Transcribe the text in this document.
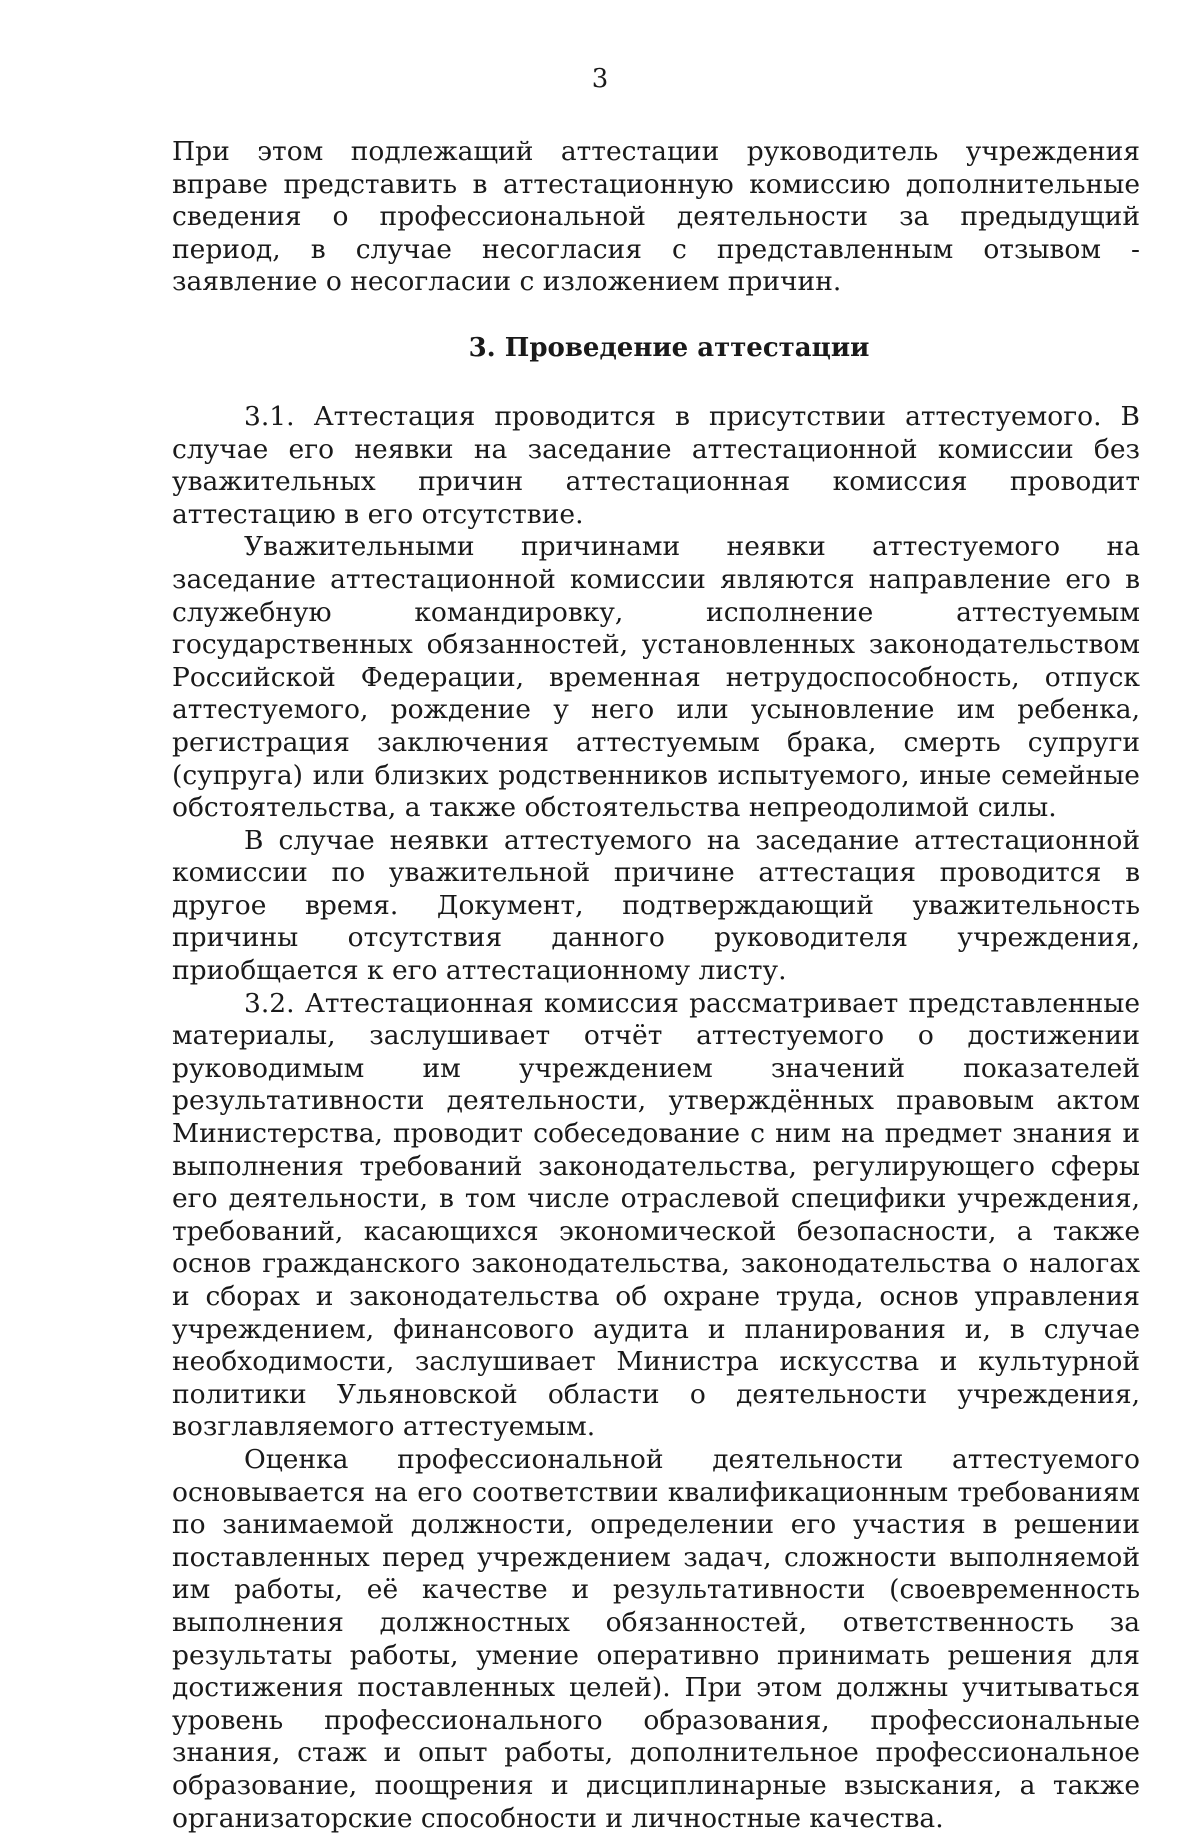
3

При этом подлежащий аттестации руководитель учреждения вправе представить в аттестационную комиссию дополнительные сведения о профессиональной деятельности за предыдущий период, в случае несогласия с представленным отзывом - заявление о несогласии с изложением причин.

3. Проведение аттестации

3.1. Аттестация проводится в присутствии аттестуемого. В случае его неявки на заседание аттестационной комиссии без уважительных причин аттестационная комиссия проводит аттестацию в его отсутствие.

Уважительными причинами неявки аттестуемого на заседание аттестационной комиссии являются направление его в служебную командировку, исполнение аттестуемым государственных обязанностей, установленных законодательством Российской Федерации, временная нетрудоспособность, отпуск аттестуемого, рождение у него или усыновление им ребенка, регистрация заключения аттестуемым брака, смерть супруги (супруга) или близких родственников испытуемого, иные семейные обстоятельства, а также обстоятельства непреодолимой силы.

В случае неявки аттестуемого на заседание аттестационной комиссии по уважительной причине аттестация проводится в другое время. Документ, подтверждающий уважительность причины отсутствия данного руководителя учреждения, приобщается к его аттестационному листу.

3.2. Аттестационная комиссия рассматривает представленные материалы, заслушивает отчёт аттестуемого о достижении руководимым им учреждением значений показателей результативности деятельности, утверждённых правовым актом Министерства, проводит собеседование с ним на предмет знания и выполнения требований законодательства, регулирующего сферы его деятельности, в том числе отраслевой специфики учреждения, требований, касающихся экономической безопасности, а также основ гражданского законодательства, законодательства о налогах и сборах и законодательства об охране труда, основ управления учреждением, финансового аудита и планирования и, в случае необходимости, заслушивает Министра искусства и культурной политики Ульяновской области о деятельности учреждения, возглавляемого аттестуемым.

Оценка профессиональной деятельности аттестуемого основывается на его соответствии квалификационным требованиям по занимаемой должности, определении его участия в решении поставленных перед учреждением задач, сложности выполняемой им работы, её качестве и результативности (своевременность выполнения должностных обязанностей, ответственность за результаты работы, умение оперативно принимать решения для достижения поставленных целей). При этом должны учитываться уровень профессионального образования, профессиональные знания, стаж и опыт работы, дополнительное профессиональное образование, поощрения и дисциплинарные взыскания, а также организаторские способности и личностные качества.
